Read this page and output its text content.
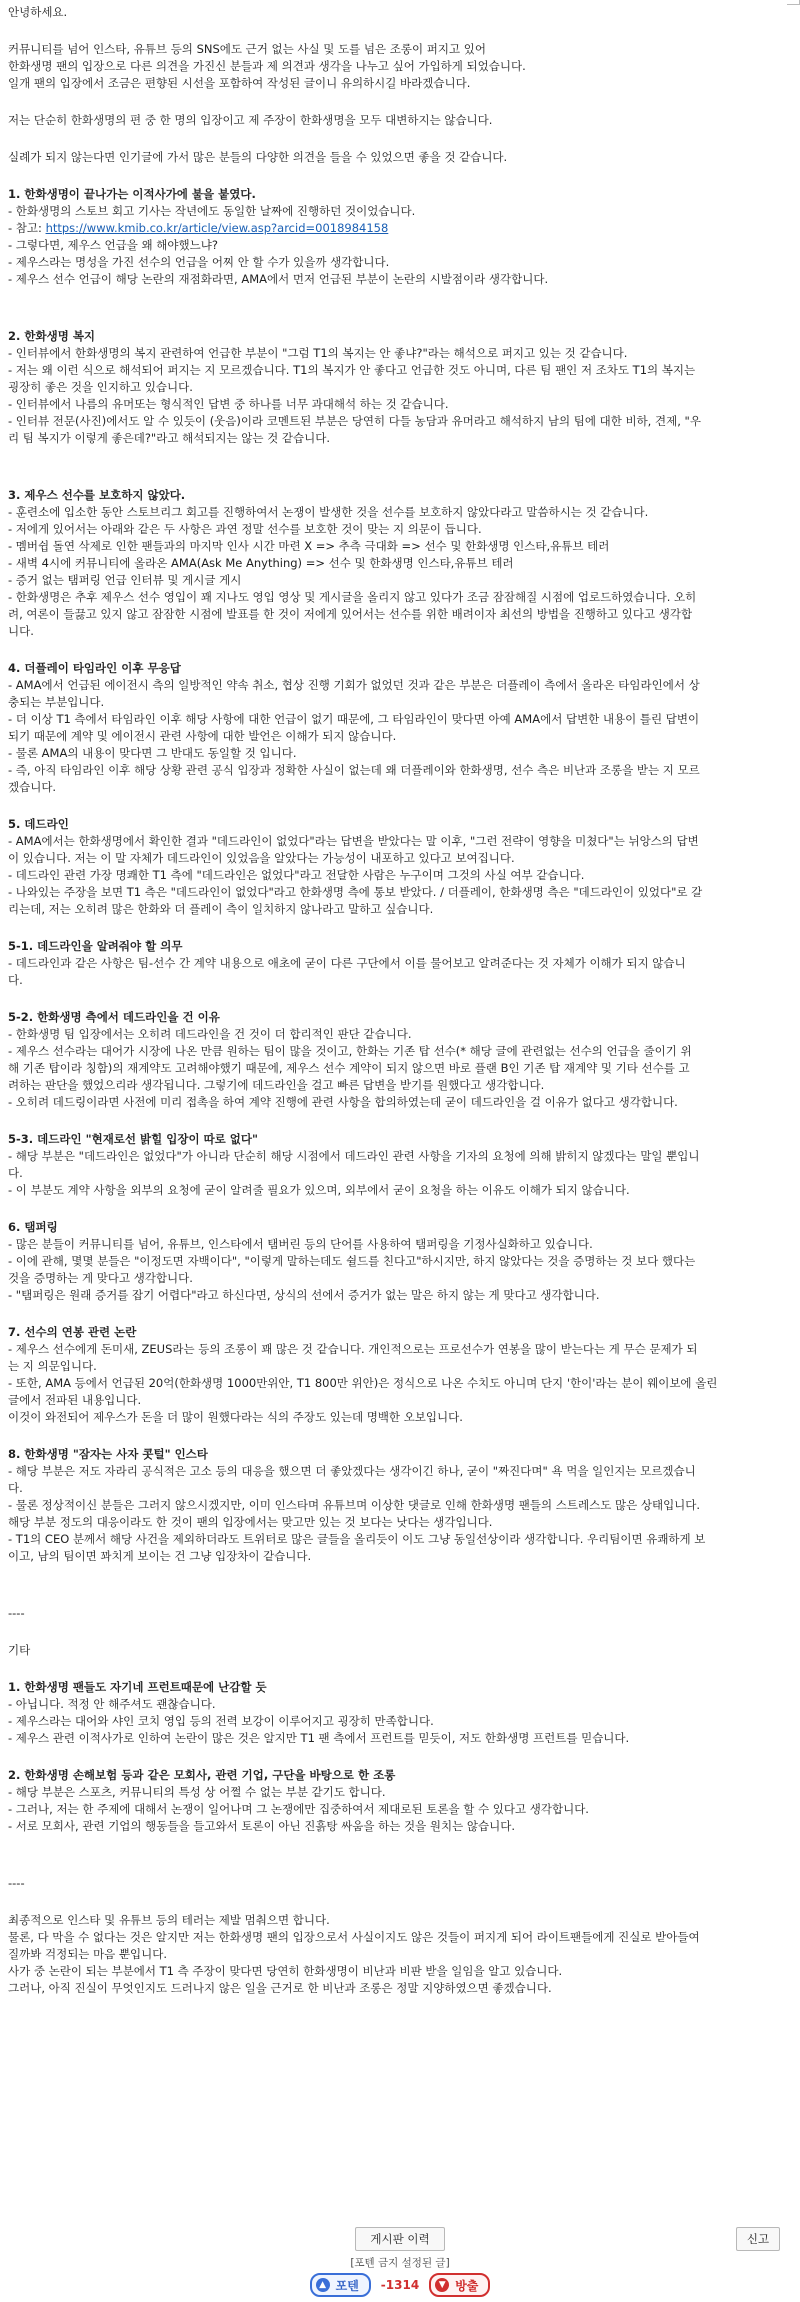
안녕하세요.
커뮤니티를 넘어 인스타, 유튜브 등의 SNS에도 근거 없는 사실 및 도를 넘은 조롱이 퍼지고 있어
한화생명 팬의 입장으로 다른 의견을 가진신 분들과 제 의견과 생각을 나누고 싶어 가입하게 되었습니다.
일개 팬의 입장에서 조금은 편향된 시선을 포함하여 작성된 글이니 유의하시길 바라겠습니다.
저는 단순히 한화생명의 편 중 한 명의 입장이고 제 주장이 한화생명을 모두 대변하지는 않습니다.
실례가 되지 않는다면 인기글에 가서 많은 분들의 다양한 의견을 들을 수 있었으면 좋을 것 같습니다.
1. 한화생명이 끝나가는 이적사가에 불을 붙였다.
- 한화생명의 스토브 회고 기사는 작년에도 동일한 날짜에 진행하던 것이었습니다.
- 참고: https://www.kmib.co.kr/article/view.asp?arcid=0018984158
- 그렇다면, 제우스 언급을 왜 해야했느냐?
- 제우스라는 명성을 가진 선수의 언급을 어찌 안 할 수가 있을까 생각합니다.
- 제우스 선수 언급이 해당 논란의 재점화라면, AMA에서 먼저 언급된 부분이 논란의 시발점이라 생각합니다.
2. 한화생명 복지
- 인터뷰에서 한화생명의 복지 관련하여 언급한 부분이 "그럼 T1의 복지는 안 좋냐?"라는 해석으로 퍼지고 있는 것 같습니다.
- 저는 왜 이런 식으로 해석되어 퍼지는 지 모르겠습니다. T1의 복지가 안 좋다고 언급한 것도 아니며, 다른 팀 팬인 저 조차도 T1의 복지는
굉장히 좋은 것을 인지하고 있습니다.
- 인터뷰에서 나름의 유머또는 형식적인 답변 중 하나를 너무 과대해석 하는 것 같습니다.
- 인터뷰 전문(사진)에서도 알 수 있듯이 (웃음)이라 코멘트된 부분은 당연히 다들 농담과 유머라고 해석하지 남의 팀에 대한 비하, 견제, "우
리 팀 복지가 이렇게 좋은데?"라고 해석되지는 않는 것 같습니다.
3. 제우스 선수를 보호하지 않았다.
- 훈련소에 입소한 동안 스토브리그 회고를 진행하여서 논쟁이 발생한 것을 선수를 보호하지 않았다라고 말씀하시는 것 같습니다.
- 저에게 있어서는 아래와 같은 두 사항은 과연 정말 선수를 보호한 것이 맞는 지 의문이 듭니다.
- 멤버쉽 돌연 삭제로 인한 팬들과의 마지막 인사 시간 마련 X => 추측 극대화 => 선수 및 한화생명 인스타,유튜브 테러
- 새벽 4시에 커뮤니티에 올라온 AMA(Ask Me Anything) => 선수 및 한화생명 인스타,유튜브 테러
- 증거 없는 탬퍼링 언급 인터뷰 및 게시글 게시
- 한화생명은 추후 제우스 선수 영입이 꽤 지나도 영입 영상 및 게시글을 올리지 않고 있다가 조금 잠잠해질 시점에 업로드하였습니다. 오히
려, 여론이 들끓고 있지 않고 잠잠한 시점에 발표를 한 것이 저에게 있어서는 선수를 위한 배려이자 최선의 방법을 진행하고 있다고 생각합
니다.
4. 더플레이 타임라인 이후 무응답
- AMA에서 언급된 에이전시 측의 일방적인 약속 취소, 협상 진행 기회가 없었던 것과 같은 부분은 더플레이 측에서 올라온 타임라인에서 상
충되는 부분입니다.
- 더 이상 T1 측에서 타임라인 이후 해당 사항에 대한 언급이 없기 때문에, 그 타임라인이 맞다면 아예 AMA에서 답변한 내용이 틀린 답변이
되기 때문에 계약 및 에이전시 관련 사항에 대한 발언은 이해가 되지 않습니다.
- 물론 AMA의 내용이 맞다면 그 반대도 동일할 것 입니다.
- 즉, 아직 타임라인 이후 해당 상황 관련 공식 입장과 정확한 사실이 없는데 왜 더플레이와 한화생명, 선수 측은 비난과 조롱을 받는 지 모르
겠습니다.
5. 데드라인
- AMA에서는 한화생명에서 확인한 결과 "데드라인이 없었다"라는 답변을 받았다는 말 이후, "그런 전략이 영향을 미쳤다"는 뉘앙스의 답변
이 있습니다. 저는 이 말 자체가 데드라인이 있었음을 알았다는 가능성이 내포하고 있다고 보여집니다.
- 데드라인 관련 가장 명쾌한 T1 측에 "데드라인은 없었다"라고 전달한 사람은 누구이며 그것의 사실 여부 같습니다.
- 나와있는 주장을 보면 T1 측은 "데드라인이 없었다"라고 한화생명 측에 통보 받았다. / 더플레이, 한화생명 측은 "데드라인이 있었다"로 갈
리는데, 저는 오히려 많은 한화와 더 플레이 측이 일치하지 않나라고 말하고 싶습니다.
5-1. 데드라인을 알려줘야 할 의무
- 데드라인과 같은 사항은 팀-선수 간 계약 내용으로 애초에 굳이 다른 구단에서 이를 물어보고 알려준다는 것 자체가 이해가 되지 않습니
다.
5-2. 한화생명 측에서 데드라인을 건 이유
- 한화생명 팀 입장에서는 오히려 데드라인을 건 것이 더 합리적인 판단 같습니다.
- 제우스 선수라는 대어가 시장에 나온 만큼 원하는 팀이 많을 것이고, 한화는 기존 탑 선수(* 해당 글에 관련없는 선수의 언급을 줄이기 위
해 기존 탑이라 칭함)의 재계약도 고려해야했기 때문에, 제우스 선수 계약이 되지 않으면 바로 플랜 B인 기존 탑 재계약 및 기타 선수를 고
려하는 판단을 했었으리라 생각됩니다. 그렇기에 데드라인을 걸고 빠른 답변을 받기를 원했다고 생각합니다.
- 오히려 데드링이라면 사전에 미리 접촉을 하여 계약 진행에 관련 사항을 합의하였는데 굳이 데드라인을 걸 이유가 없다고 생각합니다.
5-3. 데드라인 "현재로선 밝힐 입장이 따로 없다"
- 해당 부분은 "데드라인은 없었다"가 아니라 단순히 해당 시점에서 데드라인 관련 사항을 기자의 요청에 의해 밝히지 않겠다는 말일 뿐입니
다.
- 이 부분도 계약 사항을 외부의 요청에 굳이 알려줄 필요가 있으며, 외부에서 굳이 요청을 하는 이유도 이해가 되지 않습니다.
6. 탬퍼링
- 많은 분들이 커뮤니티를 넘어, 유튜브, 인스타에서 탬버린 등의 단어를 사용하여 탬퍼링을 기정사실화하고 있습니다.
- 이에 관해, 몇몇 분들은 "이정도면 자백이다", "이렇게 말하는데도 쉴드를 친다고"하시지만, 하지 않았다는 것을 증명하는 것 보다 했다는
것을 증명하는 게 맞다고 생각합니다.
- "탬퍼링은 원래 증거를 잡기 어렵다"라고 하신다면, 상식의 선에서 증거가 없는 말은 하지 않는 게 맞다고 생각합니다.
7. 선수의 연봉 관련 논란
- 제우스 선수에게 돈미새, ZEUS라는 등의 조롱이 꽤 많은 것 같습니다. 개인적으로는 프로선수가 연봉을 많이 받는다는 게 무슨 문제가 되
는 지 의문입니다.
- 또한, AMA 등에서 언급된 20억(한화생명 1000만위안, T1 800만 위안)은 정식으로 나온 수치도 아니며 단지 '한이'라는 분이 웨이보에 올린
글에서 전파된 내용입니다.
이것이 와전되어 제우스가 돈을 더 많이 원했다라는 식의 주장도 있는데 명백한 오보입니다.
8. 한화생명 "잠자는 사자 콧털" 인스타
- 해당 부분은 저도 자라리 공식적은 고소 등의 대응을 했으면 더 좋았겠다는 생각이긴 하나, 굳이 "짜진다며" 욕 먹을 일인지는 모르겠습니
다.
- 물론 정상적이신 분들은 그러지 않으시겠지만, 이미 인스타며 유튜브며 이상한 댓글로 인해 한화생명 팬들의 스트레스도 많은 상태입니다.
해당 부분 정도의 대응이라도 한 것이 팬의 입장에서는 맞고만 있는 것 보다는 낫다는 생각입니다.
- T1의 CEO 분께서 해당 사건을 제외하더라도 트위터로 많은 글들을 올리듯이 이도 그냥 동일선상이라 생각합니다. 우리팀이면 유쾌하게 보
이고, 남의 팀이면 꽈치게 보이는 건 그냥 입장차이 같습니다.
----
기타
1. 한화생명 팬들도 자기네 프런트때문에 난감할 듯
- 아닙니다. 적정 안 해주셔도 괜찮습니다.
- 제우스라는 대어와 샤인 코치 영입 등의 전력 보강이 이루어지고 굉장히 만족합니다.
- 제우스 관련 이적사가로 인하여 논란이 많은 것은 알지만 T1 팬 측에서 프런트를 믿듯이, 저도 한화생명 프런트를 믿습니다.
2. 한화생명 손해보험 등과 같은 모회사, 관련 기업, 구단을 바탕으로 한 조롱
- 해당 부분은 스포츠, 커뮤니티의 특성 상 어쩔 수 없는 부분 같기도 합니다.
- 그러나, 저는 한 주제에 대해서 논쟁이 일어나며 그 논쟁에만 집중하여서 제대로된 토론을 할 수 있다고 생각합니다.
- 서로 모회사, 관련 기업의 행동들을 들고와서 토론이 아닌 진흙탕 싸움을 하는 것을 원치는 않습니다.
----
최종적으로 인스타 및 유튜브 등의 테러는 제발 멈춰으면 합니다.
물론, 다 막을 수 없다는 것은 알지만 저는 한화생명 팬의 입장으로서 사실이지도 않은 것들이 퍼지게 되어 라이트팬들에게 진실로 받아들여
질까봐 걱정되는 마음 뿐입니다.
사가 중 논란이 되는 부분에서 T1 측 주장이 맞다면 당연히 한화생명이 비난과 비판 받을 일임을 알고 있습니다.
그러나, 아직 진실이 무엇인지도 드러나지 않은 일을 근거로 한 비난과 조롱은 정말 지양하였으면 좋겠습니다.
게시판 이력	신고
[포텐 금지 설정된 글]
▲ 포텐	-1314	▼ 방출
